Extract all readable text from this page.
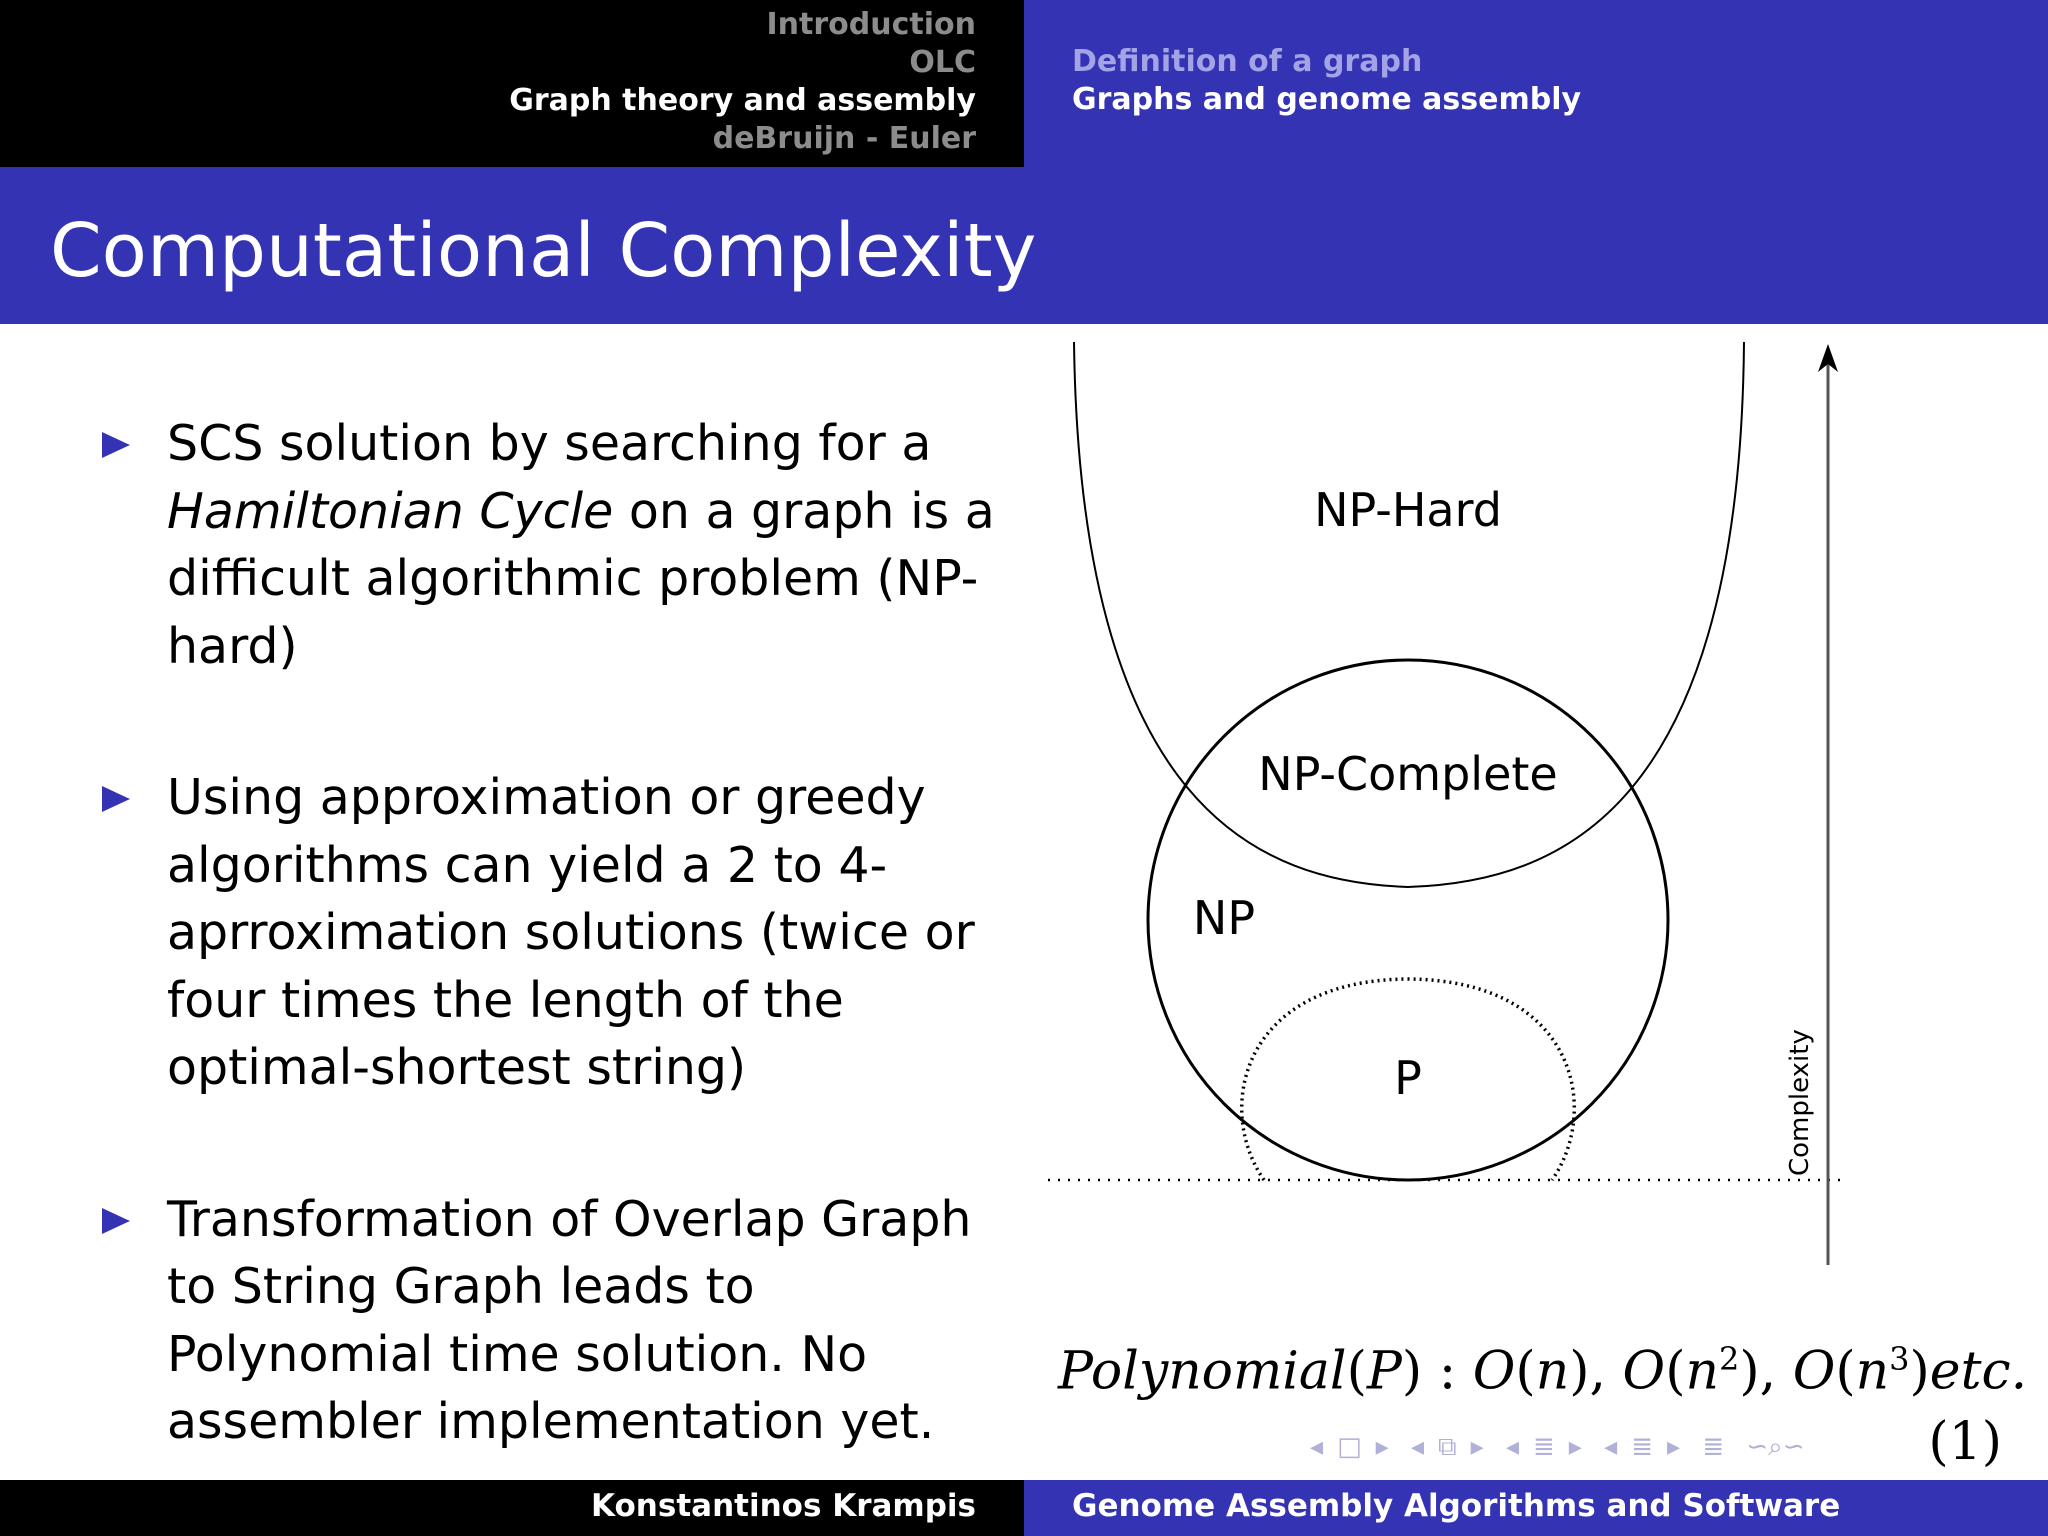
Introduction
OLC
Graph theory and assembly
deBruijn - Euler
Definition of a graph
Graphs and genome assembly
Computational Complexity
SCS solution by searching for a Hamiltonian Cycle on a graph is a difficult algorithmic problem (NP-hard)
Using approximation or greedy algorithms can yield a 2 to 4-aprroximation solutions (twice or four times the length of the optimal-shortest string)
Transformation of Overlap Graph to String Graph leads to Polynomial time solution. No assembler implementation yet.
NP-Hard
NP-Complete
NP
P	Complexity
Polynomial(P) : O(n), $O(n^2)$, $O(n^3)etc$.
(1)
◂ □ ▸ ◂ ⧉ ▸ ◂ ≣ ▸ ◂ ≣ ▸ ≣ ∽⌕∽
Konstantinos Krampis	Genome Assembly Algorithms and Software
